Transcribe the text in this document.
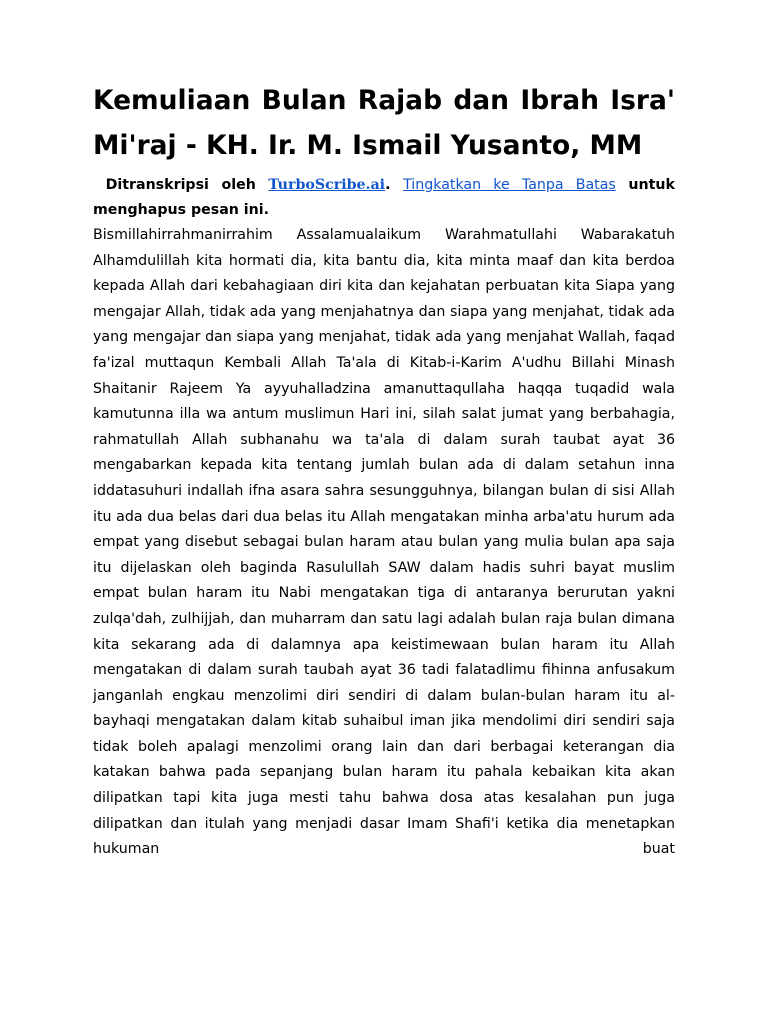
Kemuliaan Bulan Rajab dan Ibrah Isra' Mi'raj - KH. Ir. M. Ismail Yusanto, MM
Ditranskripsi oleh TurboScribe.ai. Tingkatkan ke Tanpa Batas untuk menghapus pesan ini.

Bismillahirrahmanirrahim Assalamualaikum Warahmatullahi Wabarakatuh Alhamdulillah kita hormati dia, kita bantu dia, kita minta maaf dan kita berdoa kepada Allah dari kebahagiaan diri kita dan kejahatan perbuatan kita Siapa yang mengajar Allah, tidak ada yang menjahatnya dan siapa yang menjahat, tidak ada yang mengajar dan siapa yang menjahat, tidak ada yang menjahat Wallah, faqad fa'izal muttaqun Kembali Allah Ta'ala di Kitab-i-Karim A'udhu Billahi Minash Shaitanir Rajeem Ya ayyuhalladzina amanuttaqullaha haqqa tuqadid wala kamutunna illa wa antum muslimun Hari ini, silah salat jumat yang berbahagia, rahmatullah Allah subhanahu wa ta'ala di dalam surah taubat ayat 36 mengabarkan kepada kita tentang jumlah bulan ada di dalam setahun inna iddatasuhuri indallah ifna asara sahra sesungguhnya, bilangan bulan di sisi Allah itu ada dua belas dari dua belas itu Allah mengatakan minha arba'atu hurum ada empat yang disebut sebagai bulan haram atau bulan yang mulia bulan apa saja itu dijelaskan oleh baginda Rasulullah SAW dalam hadis suhri bayat muslim empat bulan haram itu Nabi mengatakan tiga di antaranya berurutan yakni zulqa'dah, zulhijjah, dan muharram dan satu lagi adalah bulan raja bulan dimana kita sekarang ada di dalamnya apa keistimewaan bulan haram itu Allah mengatakan di dalam surah taubah ayat 36 tadi falatadlimu fihinna anfusakum janganlah engkau menzolimi diri sendiri di dalam bulan-bulan haram itu al-bayhaqi mengatakan dalam kitab suhaibul iman jika mendolimi diri sendiri saja tidak boleh apalagi menzolimi orang lain dan dari berbagai keterangan dia katakan bahwa pada sepanjang bulan haram itu pahala kebaikan kita akan dilipatkan tapi kita juga mesti tahu bahwa dosa atas kesalahan pun juga dilipatkan dan itulah yang menjadi dasar Imam Shafi'i ketika dia menetapkan hukuman buat
